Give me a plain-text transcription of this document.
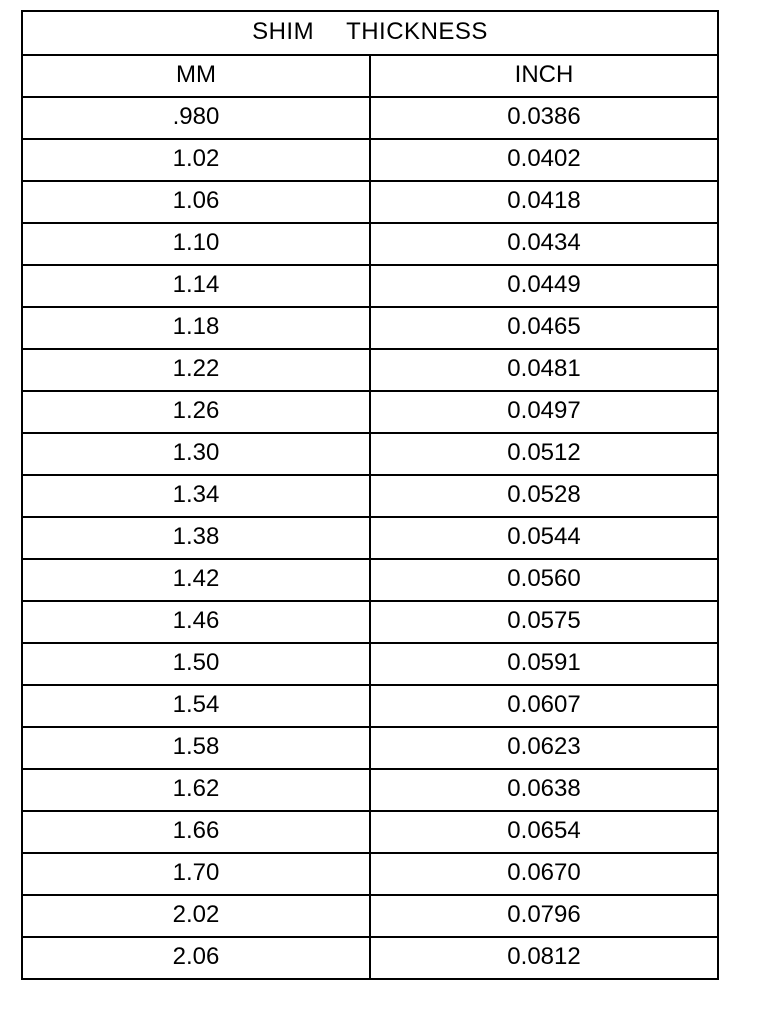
SHIM THICKNESS	
MM	INCH
.980	0.0386
1.02	0.0402
1.06	0.0418
1.10	0.0434
1.14	0.0449
1.18	0.0465
1.22	0.0481
1.26	0.0497
1.30	0.0512
1.34	0.0528
1.38	0.0544
1.42	0.0560
1.46	0.0575
1.50	0.0591
1.54	0.0607
1.58	0.0623
1.62	0.0638
1.66	0.0654
1.70	0.0670
2.02	0.0796
2.06	0.0812
